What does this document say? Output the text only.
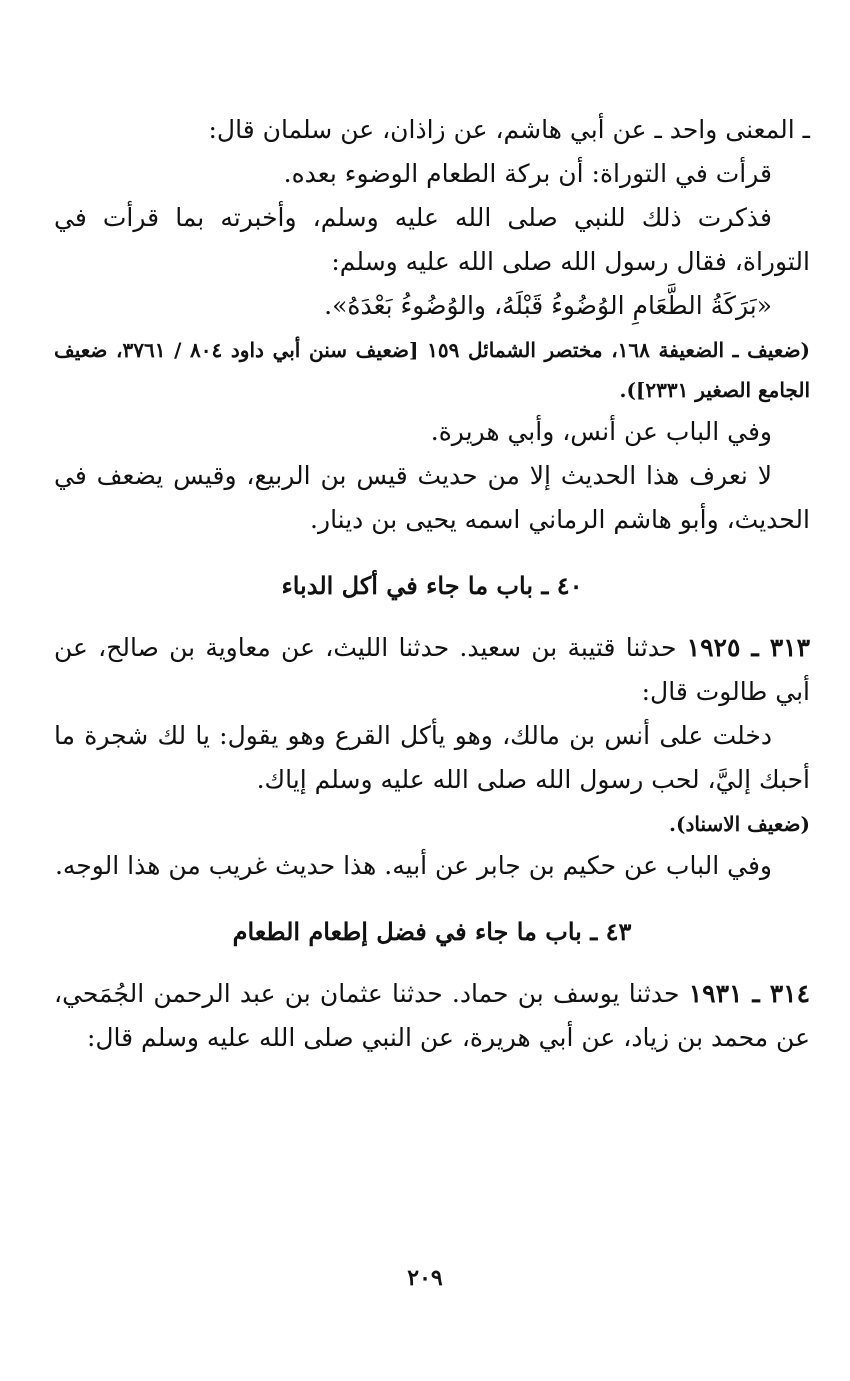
ـ المعنى واحد ـ عن أبي هاشم، عن زاذان، عن سلمان قال:

قرأت في التوراة: أن بركة الطعام الوضوء بعده.

فذكرت ذلك للنبي صلى الله عليه وسلم، وأخبرته بما قرأت في التوراة، فقال رسول الله صلى الله عليه وسلم:

«بَرَكَةُ الطَّعَامِ الوُضُوءُ قَبْلَهُ، والوُضُوءُ بَعْدَهُ».

(ضعيف ـ الضعيفة ١٦٨، مختصر الشمائل ١٥٩ [ضعيف سنن أبي داود ٨٠٤ / ٣٧٦١، ضعيف الجامع الصغير ٢٣٣١]).

وفي الباب عن أنس، وأبي هريرة.

لا نعرف هذا الحديث إلا من حديث قيس بن الربيع، وقيس يضعف في الحديث، وأبو هاشم الرماني اسمه يحيى بن دينار.

٤٠ ـ باب ما جاء في أكل الدباء

٣١٣ ـ ١٩٢٥ حدثنا قتيبة بن سعيد. حدثنا الليث، عن معاوية بن صالح، عن أبي طالوت قال:

دخلت على أنس بن مالك، وهو يأكل القرع وهو يقول: يا لك شجرة ما أحبك إليَّ، لحب رسول الله صلى الله عليه وسلم إياك.

(ضعيف الاسناد).

وفي الباب عن حكيم بن جابر عن أبيه. هذا حديث غريب من هذا الوجه.

٤٣ ـ باب ما جاء في فضل إطعام الطعام

٣١٤ ـ ١٩٣١ حدثنا يوسف بن حماد. حدثنا عثمان بن عبد الرحمن الجُمَحي، عن محمد بن زياد، عن أبي هريرة، عن النبي صلى الله عليه وسلم قال:

٢٠٩
